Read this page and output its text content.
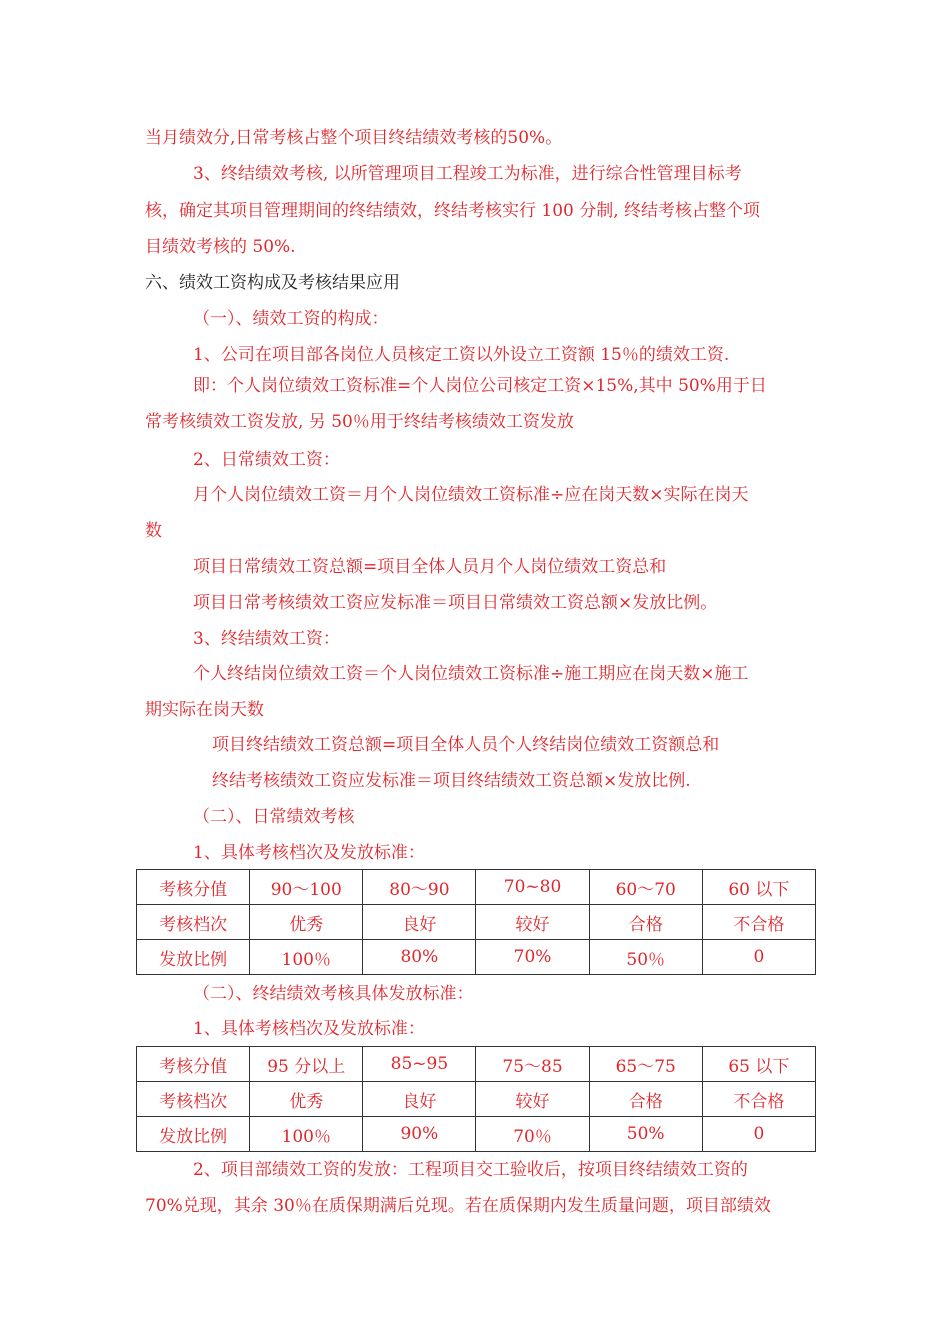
当月绩效分,日常考核占整个项目终结绩效考核的50%。
3、终结绩效考核, 以所管理项目工程竣工为标准，进行综合性管理目标考
核，确定其项目管理期间的终结绩效，终结考核实行 100 分制, 终结考核占整个项
目绩效考核的 50%.
六、绩效工资构成及考核结果应用
（一）、绩效工资的构成：
1、公司在项目部各岗位人员核定工资以外设立工资额 15％的绩效工资.
即：个人岗位绩效工资标准=个人岗位公司核定工资×15%,其中 50%用于日
常考核绩效工资发放, 另 50％用于终结考核绩效工资发放
2、日常绩效工资：
月个人岗位绩效工资＝月个人岗位绩效工资标准÷应在岗天数×实际在岗天
数
项目日常绩效工资总额=项目全体人员月个人岗位绩效工资总和
项目日常考核绩效工资应发标准＝项目日常绩效工资总额×发放比例。
3、终结绩效工资：
个人终结岗位绩效工资＝个人岗位绩效工资标准÷施工期应在岗天数×施工
期实际在岗天数
项目终结绩效工资总额=项目全体人员个人终结岗位绩效工资额总和
终结考核绩效工资应发标准＝项目终结绩效工资总额×发放比例.
（二）、日常绩效考核
1、具体考核档次及发放标准：
考核分值	90～100	80～90	70~80	60～70	60 以下
考核档次	优秀	良好	较好	合格	不合格
发放比例	100％	80%	70%	50％	0
（二）、终结绩效考核具体发放标准：
1、具体考核档次及发放标准：
考核分值	95 分以上	85~95	75～85	65～75	65 以下
考核档次	优秀	良好	较好	合格	不合格
发放比例	100％	90%	70％	50%	0
2、项目部绩效工资的发放：工程项目交工验收后，按项目终结绩效工资的
70%兑现，其余 30％在质保期满后兑现。若在质保期内发生质量问题，项目部绩效
